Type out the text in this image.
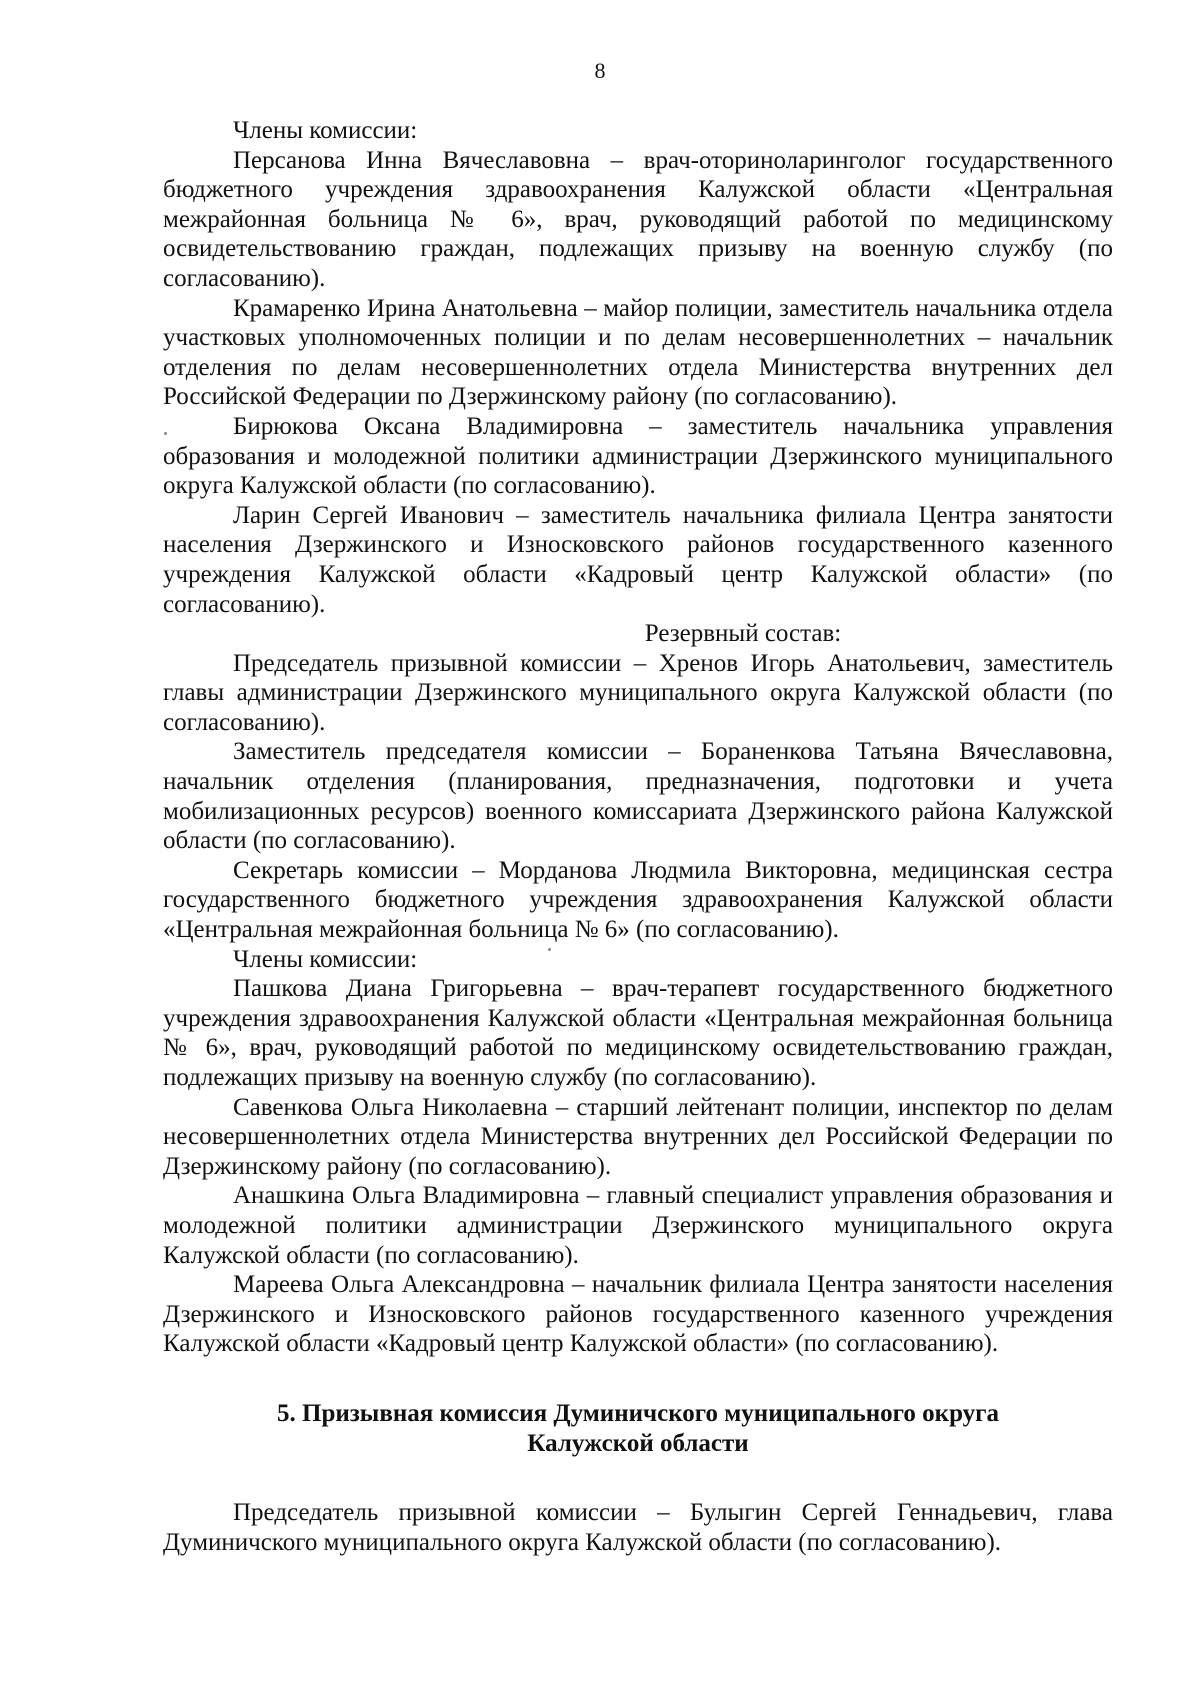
8

Члены комиссии:

Персанова Инна Вячеславовна – врач-оториноларинголог государственного бюджетного учреждения здравоохранения Калужской области «Центральная межрайонная больница № 6», врач, руководящий работой по медицинскому освидетельствованию граждан, подлежащих призыву на военную службу (по согласованию).

Крамаренко Ирина Анатольевна – майор полиции, заместитель начальника отдела участковых уполномоченных полиции и по делам несовершеннолетних – начальник отделения по делам несовершеннолетних отдела Министерства внутренних дел Российской Федерации по Дзержинскому району (по согласованию).

Бирюкова Оксана Владимировна – заместитель начальника управления образования и молодежной политики администрации Дзержинского муниципального округа Калужской области (по согласованию).

Ларин Сергей Иванович – заместитель начальника филиала Центра занятости населения Дзержинского и Износковского районов государственного казенного учреждения Калужской области «Кадровый центр Калужской области» (по согласованию).

Резервный состав:

Председатель призывной комиссии – Хренов Игорь Анатольевич, заместитель главы администрации Дзержинского муниципального округа Калужской области (по согласованию).

Заместитель председателя комиссии – Бораненкова Татьяна Вячеславовна, начальник отделения (планирования, предназначения, подготовки и учета мобилизационных ресурсов) военного комиссариата Дзержинского района Калужской области (по согласованию).

Секретарь комиссии – Морданова Людмила Викторовна, медицинская сестра государственного бюджетного учреждения здравоохранения Калужской области «Центральная межрайонная больница № 6» (по согласованию).

Члены комиссии:

Пашкова Диана Григорьевна – врач-терапевт государственного бюджетного учреждения здравоохранения Калужской области «Центральная межрайонная больница № 6», врач, руководящий работой по медицинскому освидетельствованию граждан, подлежащих призыву на военную службу (по согласованию).

Савенкова Ольга Николаевна – старший лейтенант полиции, инспектор по делам несовершеннолетних отдела Министерства внутренних дел Российской Федерации по Дзержинскому району (по согласованию).

Анашкина Ольга Владимировна – главный специалист управления образования и молодежной политики администрации Дзержинского муниципального округа Калужской области (по согласованию).

Мареева Ольга Александровна – начальник филиала Центра занятости населения Дзержинского и Износковского районов государственного казенного учреждения Калужской области «Кадровый центр Калужской области» (по согласованию).

5. Призывная комиссия Думиничского муниципального округа
Калужской области

Председатель призывной комиссии – Булыгин Сергей Геннадьевич, глава Думиничского муниципального округа Калужской области (по согласованию).
